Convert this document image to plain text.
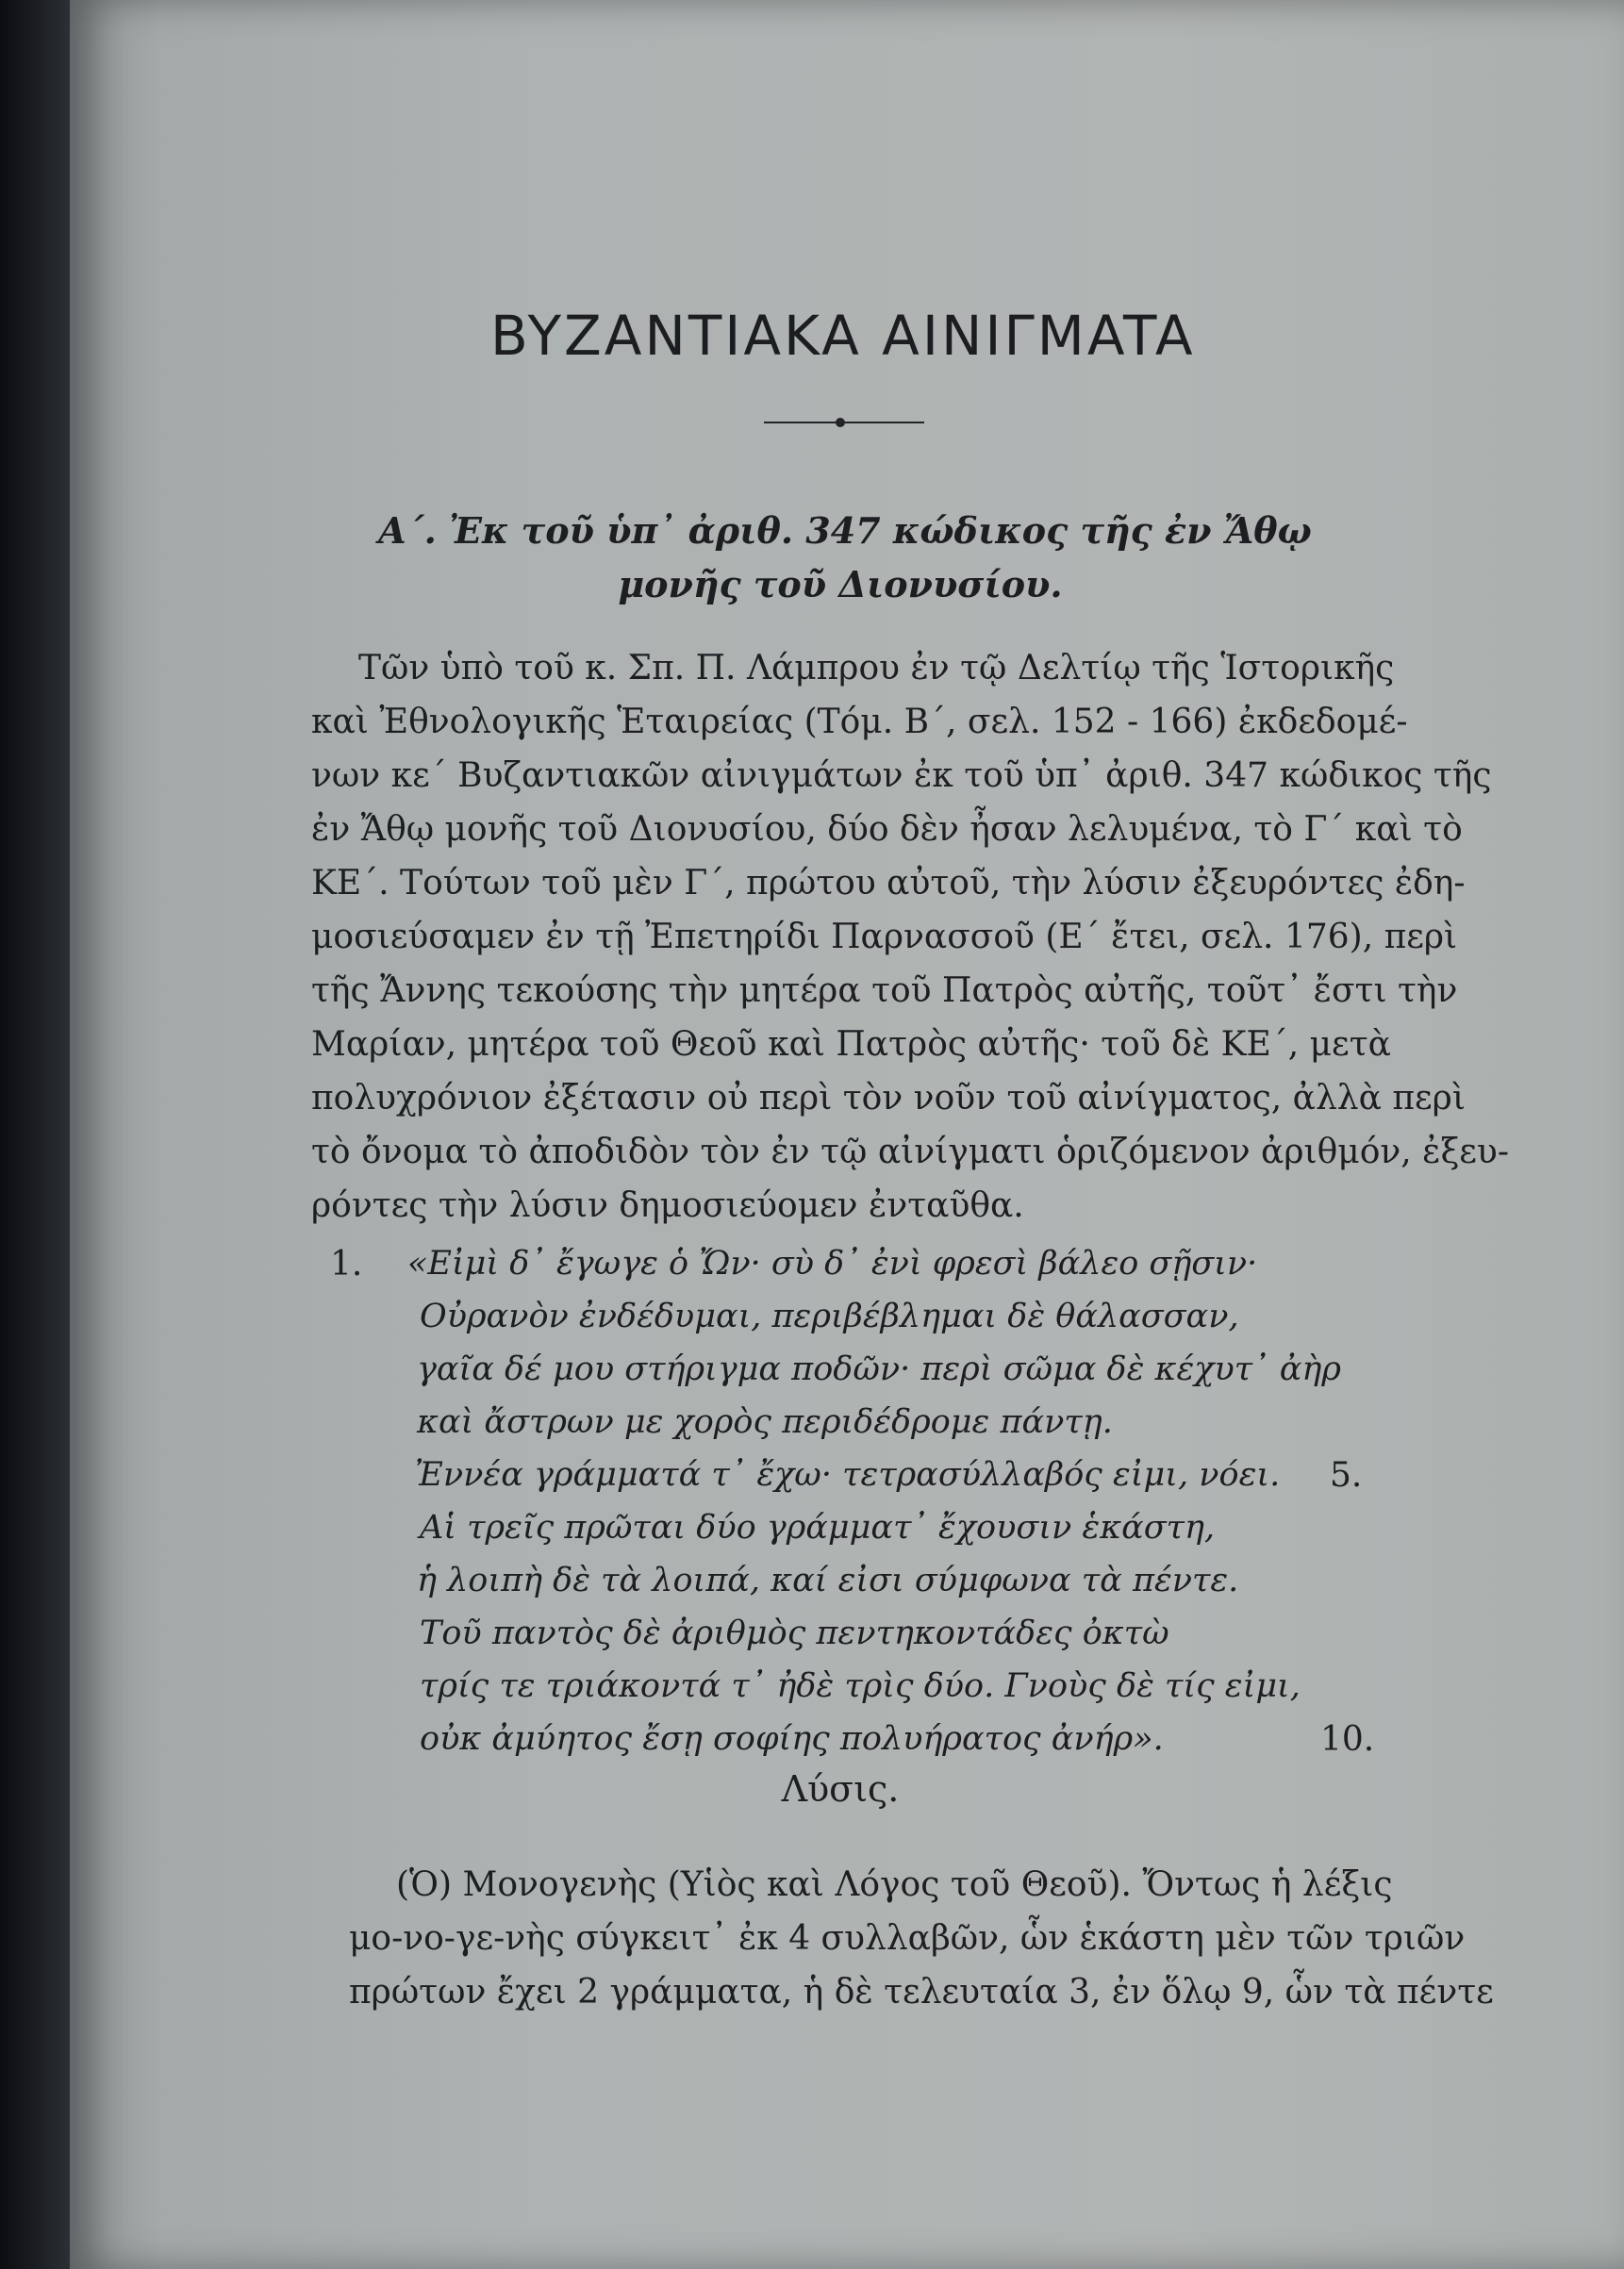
BYZANTIAKA AINIΓMATA
Α΄. Ἐκ τοῦ ὑπ᾽ ἀριθ. 347 κώδικος τῆς ἐν Ἄθῳ
μονῆς τοῦ Διονυσίου.
Τῶν ὑπὸ τοῦ κ. Σπ. Π. Λάμπρου ἐν τῷ Δελτίῳ τῆς Ἱστορικῆς
καὶ Ἐθνολογικῆς Ἑταιρείας (Τόμ. Β΄, σελ. 152 - 166) ἐκδεδομέ-
νων κε΄ Βυζαντιακῶν αἰνιγμάτων ἐκ τοῦ ὑπ᾽ ἀριθ. 347 κώδικος τῆς
ἐν Ἄθῳ μονῆς τοῦ Διονυσίου, δύο δὲν ἦσαν λελυμένα, τὸ Γ΄ καὶ τὸ
ΚΕ΄. Τούτων τοῦ μὲν Γ΄, πρώτου αὐτοῦ, τὴν λύσιν ἐξευρόντες ἐδη-
μοσιεύσαμεν ἐν τῇ Ἐπετηρίδι Παρνασσοῦ (Ε΄ ἔτει, σελ. 176), περὶ
τῆς Ἄννης τεκούσης τὴν μητέρα τοῦ Πατρὸς αὐτῆς, τοῦτ᾽ ἔστι τὴν
Μαρίαν, μητέρα τοῦ Θεοῦ καὶ Πατρὸς αὐτῆς· τοῦ δὲ ΚΕ΄, μετὰ
πολυχρόνιον ἐξέτασιν οὐ περὶ τὸν νοῦν τοῦ αἰνίγματος, ἀλλὰ περὶ
τὸ ὄνομα τὸ ἀποδιδὸν τὸν ἐν τῷ αἰνίγματι ὁριζόμενον ἀριθμόν, ἐξευ-
ρόντες τὴν λύσιν δημοσιεύομεν ἐνταῦθα.
1. «Εἰμὶ δ᾽ ἔγωγε ὁ Ὤν· σὺ δ᾽ ἐνὶ φρεσὶ βάλεο σῇσιν·
Οὐρανὸν ἐνδέδυμαι, περιβέβλημαι δὲ θάλασσαν,
γαῖα δέ μου στήριγμα ποδῶν· περὶ σῶμα δὲ κέχυτ᾽ ἀὴρ
καὶ ἄστρων με χορὸς περιδέδρομε πάντῃ.
Ἐννέα γράμματά τ᾽ ἔχω· τετρασύλλαβός εἰμι, νόει. 5.
Αἱ τρεῖς πρῶται δύο γράμματ᾽ ἔχουσιν ἑκάστη,
ἡ λοιπὴ δὲ τὰ λοιπά, καί εἰσι σύμφωνα τὰ πέντε.
Τοῦ παντὸς δὲ ἀριθμὸς πεντηκοντάδες ὀκτὼ
τρίς τε τριάκοντά τ᾽ ἠδὲ τρὶς δύο. Γνοὺς δὲ τίς εἰμι,
οὐκ ἀμύητος ἔσῃ σοφίης πολυήρατος ἀνήρ».	10.
Λύσις.
(Ὁ) Μονογενὴς (Υἱὸς καὶ Λόγος τοῦ Θεοῦ). Ὄντως ἡ λέξις
μο-νο-γε-νὴς σύγκειτ᾽ ἐκ 4 συλλαβῶν, ὧν ἑκάστη μὲν τῶν τριῶν
πρώτων ἔχει 2 γράμματα, ἡ δὲ τελευταία 3, ἐν ὅλῳ 9, ὧν τὰ πέντε
